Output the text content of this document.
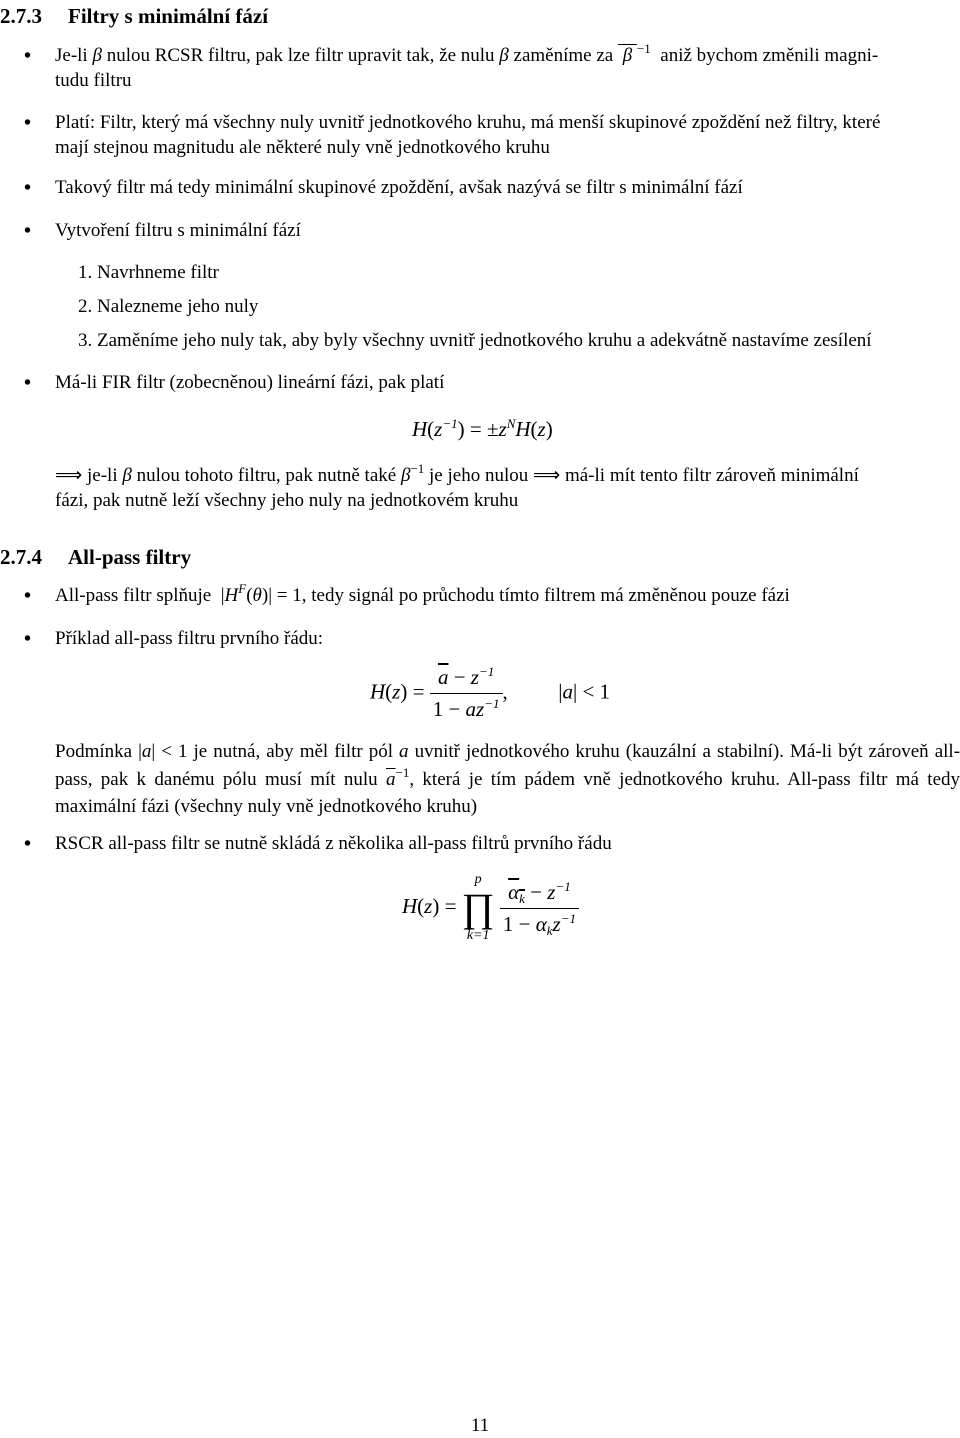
2.7.3 Filtry s minimální fází
• Je-li β nulou RCSR filtru, pak lze filtr upravit tak, že nulu β zaměníme za  β $^{-1}$ aniž bychom změnili magni-
tudu filtru
• Platí: Filtr, který má všechny nuly uvnitř jednotkového kruhu, má menší skupinové zpoždění než filtry, které
mají stejnou magnitudu ale některé nuly vně jednotkového kruhu
• Takový filtr má tedy minimální skupinové zpoždění, avšak nazývá se filtr s minimální fází
• Vytvoření filtru s minimální fází
1. Navrhneme filtr
2. Nalezneme jeho nuly
3. Zaměníme jeho nuly tak, aby byly všechny uvnitř jednotkového kruhu a adekvátně nastavíme zesílení
• Má-li FIR filtr (zobecněnou) lineární fázi, pak platí
$H(z^{-1}) = \pm z^NH(z)$
⟹ je-li β nulou tohoto filtru, pak nutně také $\beta^{-1}$ je jeho nulou ⟹ má-li mít tento filtr zároveň minimální
fázi, pak nutně leží všechny jeho nuly na jednotkovém kruhu
2.7.4 All-pass filtry
• All-pass filtr splňuje  $|H^F(\theta)| = 1$, tedy signál po průchodu tímto filtrem má změněnou pouze fázi
• Příklad all-pass filtru prvního řádu:
$H(z) = \frac{\overline{a} - z^{-1}}{1 - az^{-1}}$ , |a| < 1
Podmínka |a| < 1 je nutná, aby měl filtr pól a uvnitř jednotkového kruhu (kauzální a stabilní). Má-li být zároveň all-pass, pak k danému pólu musí mít nulu $\overline{a}^{-1}$, která je tím pádem vně jednotkového kruhu. All-pass filtr má tedy maximální fázi (všechny nuly vně jednotkového kruhu)
• RSCR all-pass filtr se nutně skládá z několika all-pass filtrů prvního řádu
H(z) =
p
∏
k=1
$\frac{\alpha_k - z^{-1}}{1 - \alpha_kz^{-1}}$
11
